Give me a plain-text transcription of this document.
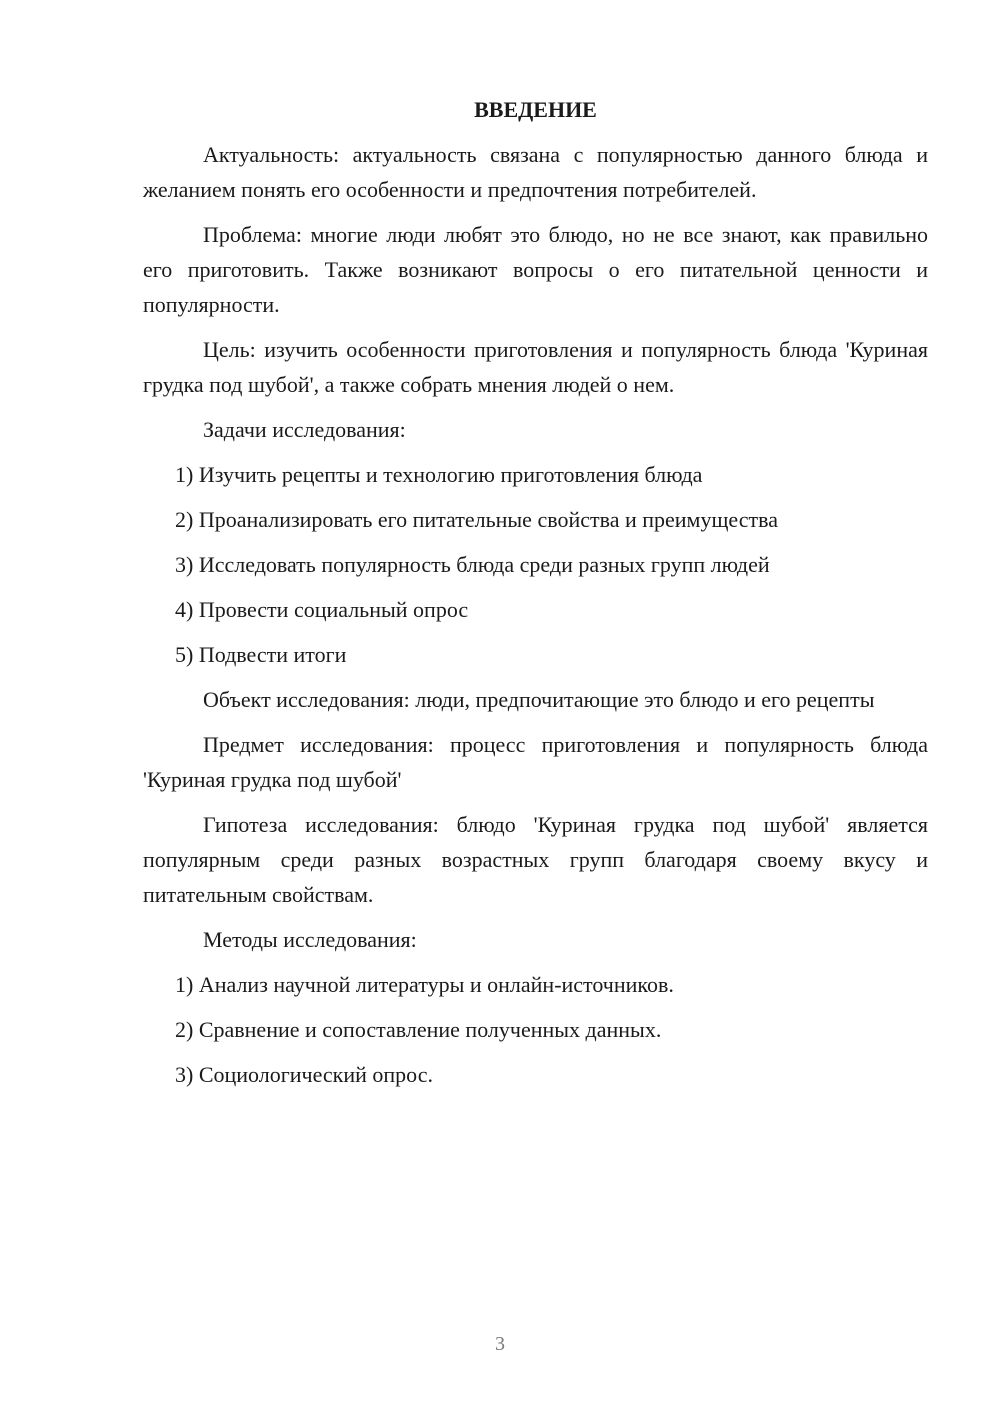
ВВЕДЕНИЕ

Актуальность: актуальность связана с популярностью данного блюда и желанием понять его особенности и предпочтения потребителей.

Проблема: многие люди любят это блюдо, но не все знают, как правильно его приготовить. Также возникают вопросы о его питательной ценности и популярности.

Цель: изучить особенности приготовления и популярность блюда 'Куриная грудка под шубой', а также собрать мнения людей о нем.

Задачи исследования:

1) Изучить рецепты и технологию приготовления блюда

2) Проанализировать его питательные свойства и преимущества

3) Исследовать популярность блюда среди разных групп людей

4) Провести социальный опрос

5) Подвести итоги

Объект исследования: люди, предпочитающие это блюдо и его рецепты

Предмет исследования: процесс приготовления и популярность блюда 'Куриная грудка под шубой'

Гипотеза исследования: блюдо 'Куриная грудка под шубой' является популярным среди разных возрастных групп благодаря своему вкусу и питательным свойствам.

Методы исследования:

1) Анализ научной литературы и онлайн-источников.

2) Сравнение и сопоставление полученных данных.

3) Социологический опрос.

3
